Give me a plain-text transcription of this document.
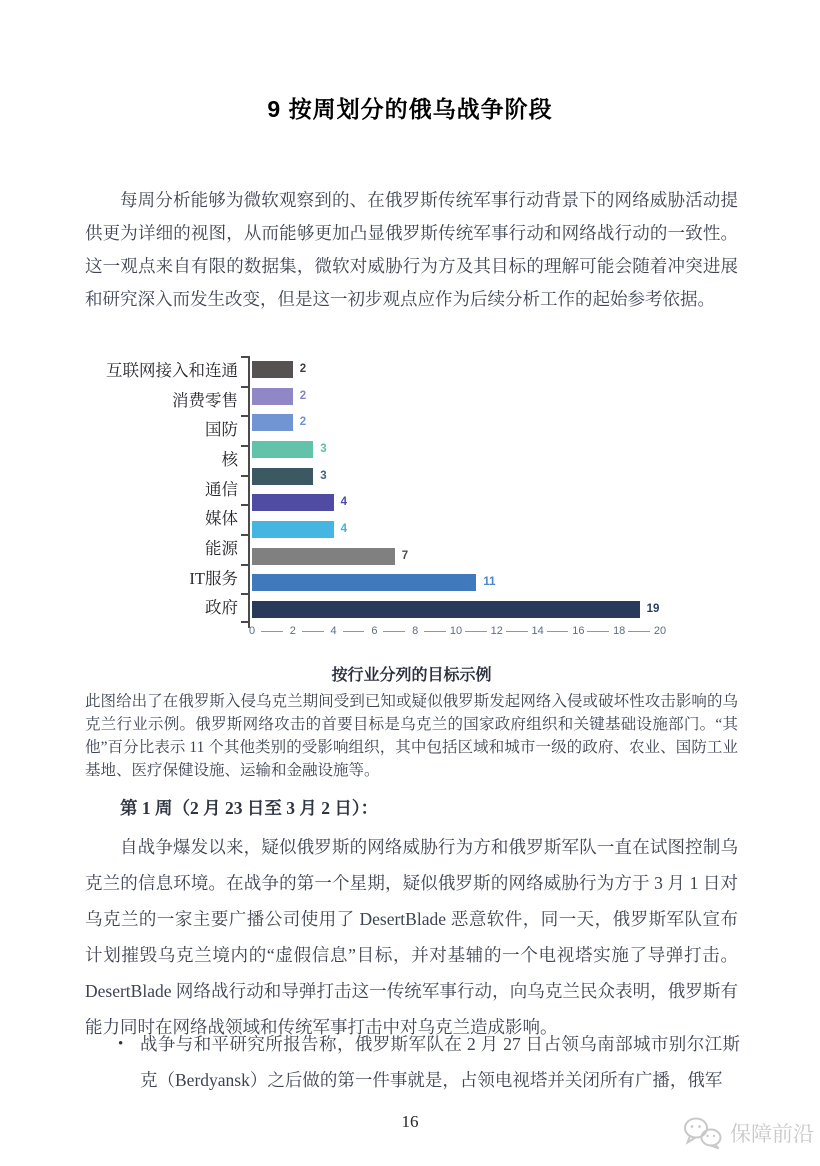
9 按周划分的俄乌战争阶段

每周分析能够为微软观察到的、在俄罗斯传统军事行动背景下的网络威胁活动提供更为详细的视图，从而能够更加凸显俄罗斯传统军事行动和网络战行动的一致性。这一观点来自有限的数据集，微软对威胁行为方及其目标的理解可能会随着冲突进展和研究深入而发生改变，但是这一初步观点应作为后续分析工作的起始参考依据。

互联网接入和连通
消费零售
国防
核
通信
媒体
能源
IT服务
政府
2
2
2
3
3
4
4
7
11
19
0	2	4	6	8	10	12	14	16	18	20
按行业分列的目标示例

此图给出了在俄罗斯入侵乌克兰期间受到已知或疑似俄罗斯发起网络入侵或破坏性攻击影响的乌克兰行业示例。俄罗斯网络攻击的首要目标是乌克兰的国家政府组织和关键基础设施部门。“其他”百分比表示 11 个其他类别的受影响组织，其中包括区域和城市一级的政府、农业、国防工业基地、医疗保健设施、运输和金融设施等。

第 1 周（2 月 23 日至 3 月 2 日）：

自战争爆发以来，疑似俄罗斯的网络威胁行为方和俄罗斯军队一直在试图控制乌克兰的信息环境。在战争的第一个星期，疑似俄罗斯的网络威胁行为方于 3 月 1 日对乌克兰的一家主要广播公司使用了 DesertBlade 恶意软件，同一天，俄罗斯军队宣布计划摧毁乌克兰境内的“虚假信息”目标，并对基辅的一个电视塔实施了导弹打击。DesertBlade 网络战行动和导弹打击这一传统军事行动，向乌克兰民众表明，俄罗斯有能力同时在网络战领域和传统军事打击中对乌克兰造成影响。

• 战争与和平研究所报告称，俄罗斯军队在 2 月 27 日占领乌南部城市别尔江斯克（Berdyansk）之后做的第一件事就是，占领电视塔并关闭所有广播，俄军

16
保障前沿
